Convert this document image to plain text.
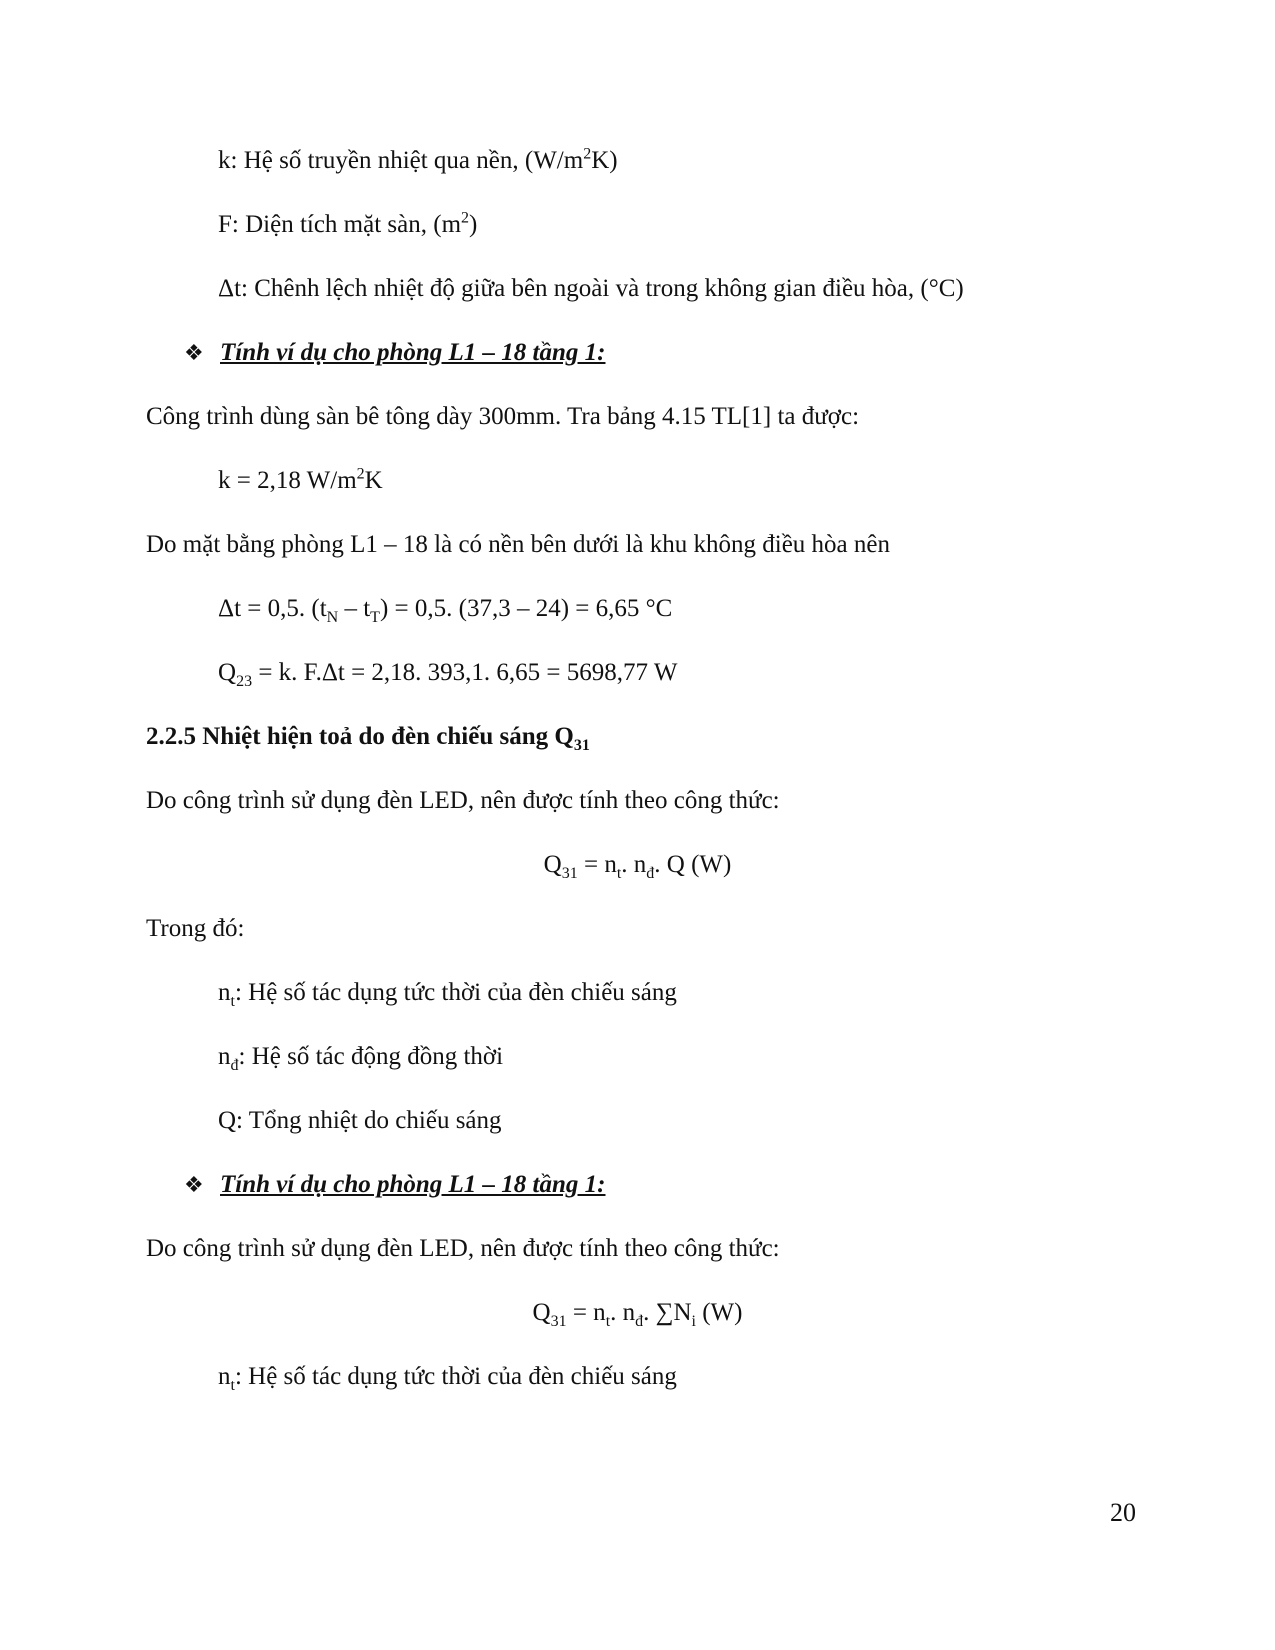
k: Hệ số truyền nhiệt qua nền, $(W/m^2K)$
F: Diện tích mặt sàn, $(m^2)$
Δt: Chênh lệch nhiệt độ giữa bên ngoài và trong không gian điều hòa, (°C)
❖ Tính ví dụ cho phòng L1 – 18 tầng 1:
Công trình dùng sàn bê tông dày 300mm. Tra bảng 4.15 TL[1] ta được:
k = 2,18 $W/m^2K$
Do mặt bằng phòng L1 – 18 là có nền bên dưới là khu không điều hòa nên
Δt = 0,5. $(t_N - t_T) = 0,5$. (37,3 – 24) = 6,65 °C
$Q_{23} = k$. F.Δt = 2,18. 393,1. 6,65 = 5698,77 W
2.2.5 Nhiệt hiện toả do đèn chiếu sáng $Q_{31}$
Do công trình sử dụng đèn LED, nên được tính theo công thức:
$Q_{31} = n_t$. $n_đ$. Q (W)
Trong đó:
$n_t$: Hệ số tác dụng tức thời của đèn chiếu sáng
$n_đ$: Hệ số tác động đồng thời
Q: Tổng nhiệt do chiếu sáng
❖ Tính ví dụ cho phòng L1 – 18 tầng 1:
Do công trình sử dụng đèn LED, nên được tính theo công thức:
$Q_{31} = n_t$. $n_đ$. $\sum N_i$ (W)
$n_t$: Hệ số tác dụng tức thời của đèn chiếu sáng
20
